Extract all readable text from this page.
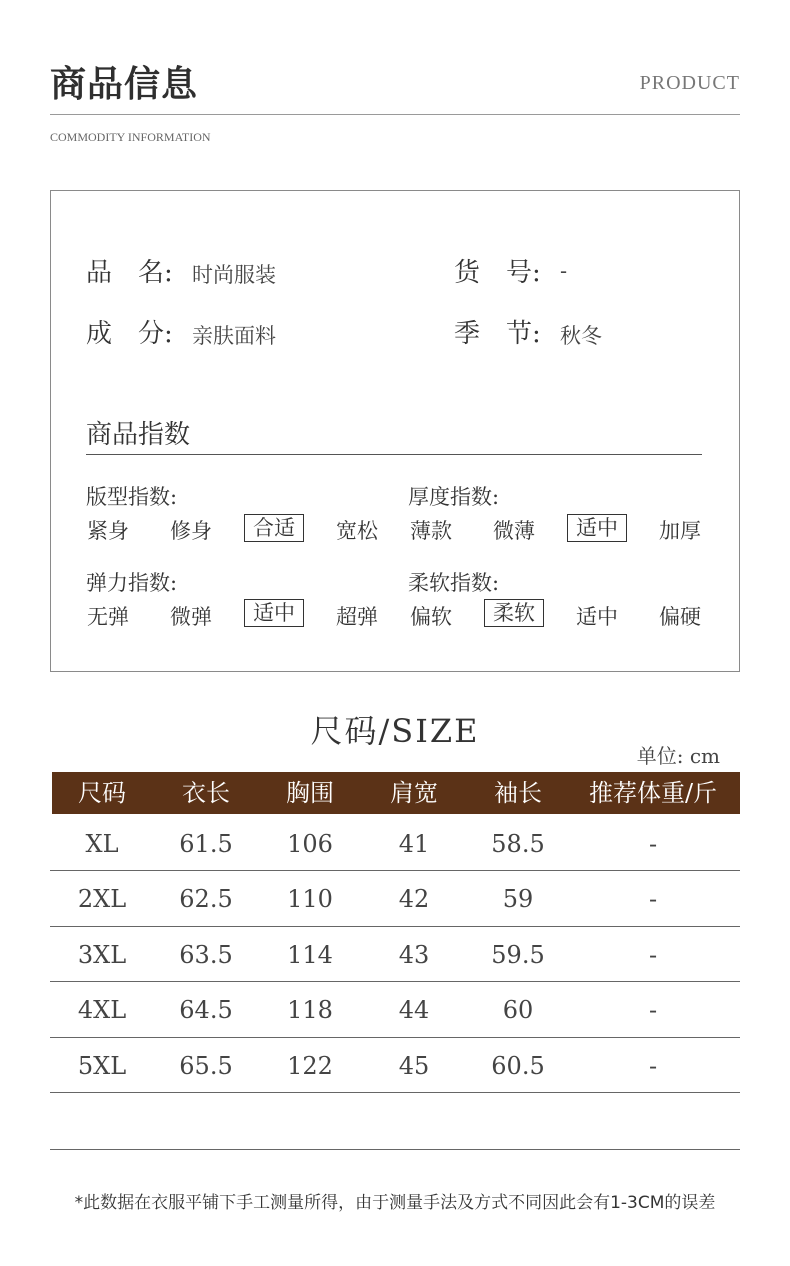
商品信息	PRODUCT
COMMODITY INFORMATION
品　名: 时尚服装	货　号: -
成　分: 亲肤面料	季　节: 秋冬
商品指数
版型指数:	厚度指数:
弹力指数:	柔软指数:
紧身	修身	合适	宽松	薄款	微薄	适中	加厚
无弹	微弹	适中	超弹	偏软	柔软	适中	偏硬
尺码/SIZE
单位: cm
尺码	衣长	胸围	肩宽	袖长	推荐体重/斤
XL	61.5	106	41	58.5	-
2XL	62.5	110	42	59	-
3XL	63.5	114	43	59.5	-
4XL	64.5	118	44	60	-
5XL	65.5	122	45	60.5	-
*此数据在衣服平铺下手工测量所得，由于测量手法及方式不同因此会有1-3CM的误差
